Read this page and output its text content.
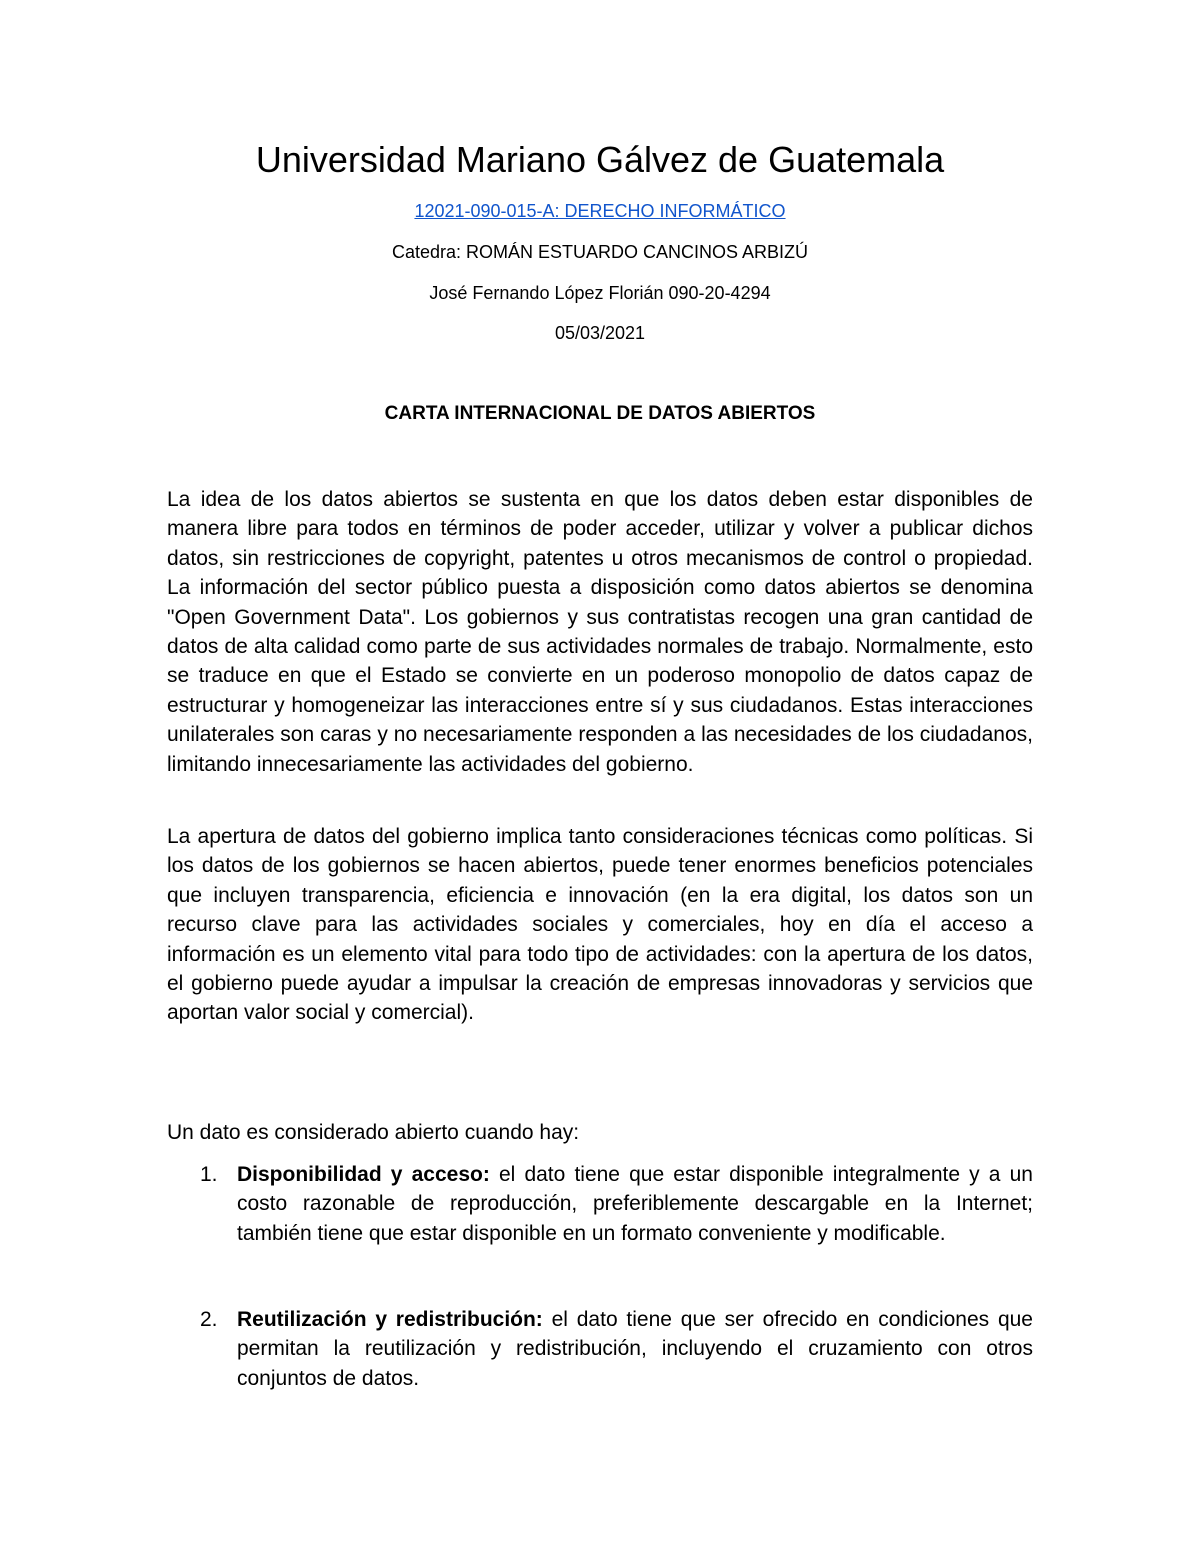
Universidad Mariano Gálvez de Guatemala
12021-090-015-A: DERECHO INFORMÁTICO
Catedra: ROMÁN ESTUARDO CANCINOS ARBIZÚ
José Fernando López Florián 090-20-4294
05/03/2021
CARTA INTERNACIONAL DE DATOS ABIERTOS

La idea de los datos abiertos se sustenta en que los datos deben estar disponibles de manera libre para todos en términos de poder acceder, utilizar y volver a publicar dichos datos, sin restricciones de copyright, patentes u otros mecanismos de control o propiedad. La información del sector público puesta a disposición como datos abiertos se denomina "Open Government Data". Los gobiernos y sus contratistas recogen una gran cantidad de datos de alta calidad como parte de sus actividades normales de trabajo. Normalmente, esto se traduce en que el Estado se convierte en un poderoso monopolio de datos capaz de estructurar y homogeneizar las interacciones entre sí y sus ciudadanos. Estas interacciones unilaterales son caras y no necesariamente responden a las necesidades de los ciudadanos, limitando innecesariamente las actividades del gobierno.

La apertura de datos del gobierno implica tanto consideraciones técnicas como políticas. Si los datos de los gobiernos se hacen abiertos, puede tener enormes beneficios potenciales que incluyen transparencia, eficiencia e innovación (en la era digital, los datos son un recurso clave para las actividades sociales y comerciales, hoy en día el acceso a información es un elemento vital para todo tipo de actividades: con la apertura de los datos, el gobierno puede ayudar a impulsar la creación de empresas innovadoras y servicios que aportan valor social y comercial).

Un dato es considerado abierto cuando hay:
1. Disponibilidad y acceso: el dato tiene que estar disponible integralmente y a un costo razonable de reproducción, preferiblemente descargable en la Internet; también tiene que estar disponible en un formato conveniente y modificable.
2. Reutilización y redistribución: el dato tiene que ser ofrecido en condiciones que permitan la reutilización y redistribución, incluyendo el cruzamiento con otros conjuntos de datos.
